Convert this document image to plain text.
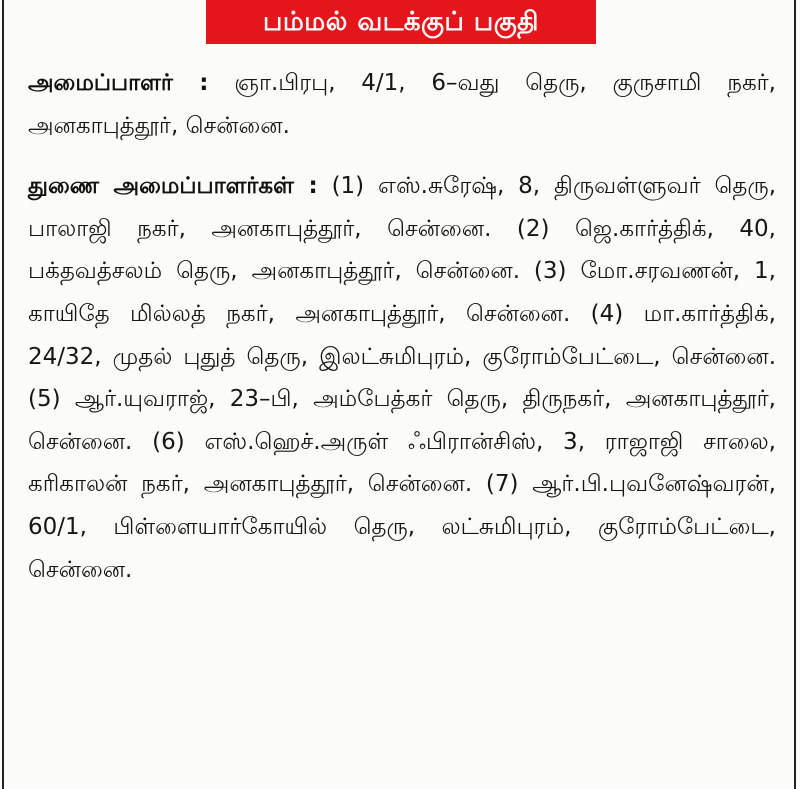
பம்மல் வடக்குப் பகுதி

அமைப்பாளர் : ஞா.பிரபு, 4/1, 6–வது தெரு, குருசாமி நகர், அனகாபுத்தூர், சென்னை.

துணை அமைப்பாளர்கள் : (1) எஸ்.சுரேஷ், 8, திருவள்ளுவர் தெரு, பாலாஜி நகர், அனகாபுத்தூர், சென்னை. (2) ஜெ.கார்த்திக், 40, பக்தவத்சலம் தெரு, அனகாபுத்தூர், சென்னை. (3) மோ.சரவணன், 1, காயிதே மில்லத் நகர், அனகாபுத்தூர், சென்னை. (4) மா.கார்த்திக், 24/32, முதல் புதுத் தெரு, இலட்சுமிபுரம், குரோம்பேட்டை, சென்னை. (5) ஆர்.யுவராஜ், 23–பி, அம்பேத்கர் தெரு, திருநகர், அனகாபுத்தூர், சென்னை. (6) எஸ்.ஹெச்.அருள் ஃபிரான்சிஸ், 3, ராஜாஜி சாலை, கரிகாலன் நகர், அனகாபுத்தூர், சென்னை. (7) ஆர்.பி.புவனேஷ்வரன், 60/1, பிள்ளையார்கோயில் தெரு, லட்சுமிபுரம், குரோம்பேட்டை, சென்னை.
